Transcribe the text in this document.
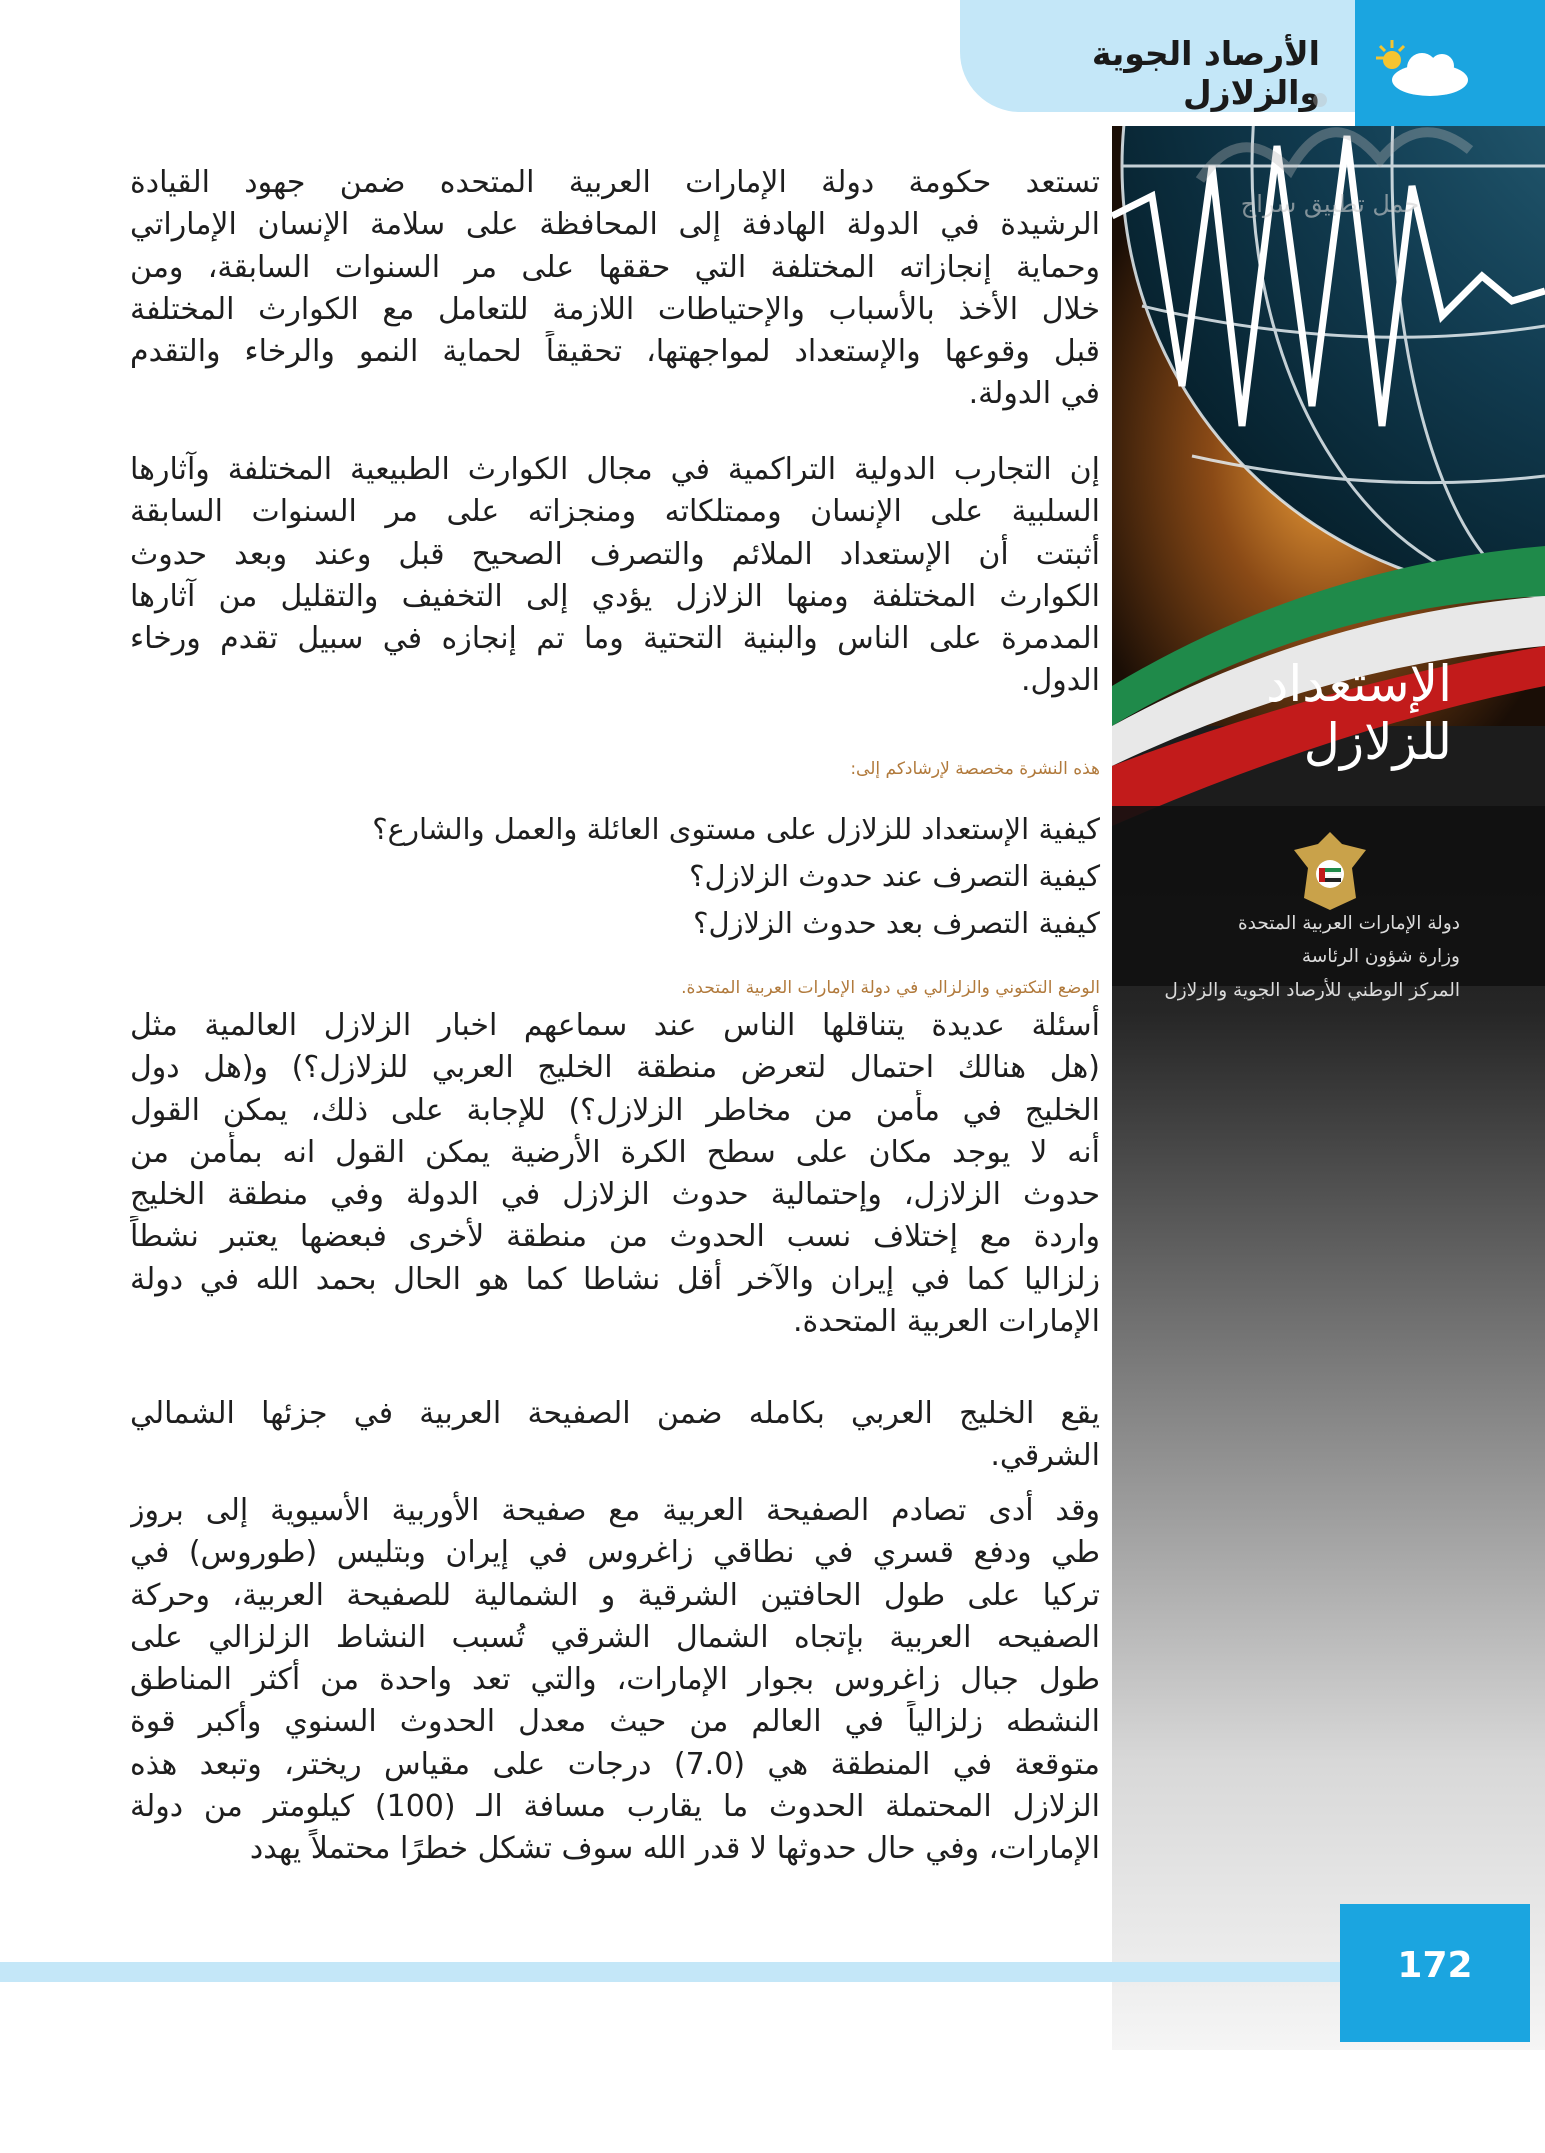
الأرصاد الجوية والزلازل
الإستعداد للزلازل
دولة الإمارات العربية المتحدة
وزارة شؤون الرئاسة
المركز الوطني للأرصاد الجوية والزلازل
حمل تطبيق سراج
تستعد حكومة دولة الإمارات العربية المتحده ضمن جهود القيادة
الرشيدة في الدولة الهادفة إلى المحافظة على سلامة الإنسان الإماراتي
وحماية إنجازاته المختلفة التي حققها على مر السنوات السابقة، ومن
خلال الأخذ بالأسباب والإحتياطات اللازمة للتعامل مع الكوارث المختلفة
قبل وقوعها والإستعداد لمواجهتها، تحقيقاً لحماية النمو والرخاء والتقدم
في الدولة.
إن التجارب الدولية التراكمية في مجال الكوارث الطبيعية المختلفة وآثارها
السلبية على الإنسان وممتلكاته ومنجزاته على مر السنوات السابقة
أثبتت أن الإستعداد الملائم والتصرف الصحيح قبل وعند وبعد حدوث
الكوارث المختلفة ومنها الزلازل يؤدي إلى التخفيف والتقليل من آثارها
المدمرة على الناس والبنية التحتية وما تم إنجازه في سبيل تقدم ورخاء
الدول.
هذه النشرة مخصصة لإرشادكم إلى:
كيفية الإستعداد للزلازل على مستوى العائلة والعمل والشارع؟
كيفية التصرف عند حدوث الزلازل؟
كيفية التصرف بعد حدوث الزلازل؟
الوضع التكتوني والزلزالي في دولة الإمارات العربية المتحدة.
أسئلة عديدة يتناقلها الناس عند سماعهم اخبار الزلازل العالمية مثل
(هل هنالك احتمال لتعرض منطقة الخليج العربي للزلازل؟) و(هل دول
الخليج في مأمن من مخاطر الزلازل؟) للإجابة على ذلك، يمكن القول
أنه لا يوجد مكان على سطح الكرة الأرضية يمكن القول انه بمأمن من
حدوث الزلازل، وإحتمالية حدوث الزلازل في الدولة وفي منطقة الخليج
واردة مع إختلاف نسب الحدوث من منطقة لأخرى فبعضها يعتبر نشطاً
زلزاليا كما في إيران والآخر أقل نشاطا كما هو الحال بحمد الله في دولة
الإمارات العربية المتحدة.
يقع الخليج العربي بكامله ضمن الصفيحة العربية في جزئها الشمالي
الشرقي.
وقد أدى تصادم الصفيحة العربية مع صفيحة الأوربية الأسيوية إلى بروز
طي ودفع قسري في نطاقي زاغروس في إيران وبتليس (طوروس) في
تركيا على طول الحافتين الشرقية و الشمالية للصفيحة العربية، وحركة
الصفيحه العربية بإتجاه الشمال الشرقي تُسبب النشاط الزلزالي على
طول جبال زاغروس بجوار الإمارات، والتي تعد واحدة من أكثر المناطق
النشطه زلزالياً في العالم من حيث معدل الحدوث السنوي وأكبر قوة
متوقعة في المنطقة هي (7.0) درجات على مقياس ريختر، وتبعد هذه
الزلازل المحتملة الحدوث ما يقارب مسافة الـ (100) كيلومتر من دولة
الإمارات، وفي حال حدوثها لا قدر الله سوف تشكل خطرًا محتملاً يهدد
172
